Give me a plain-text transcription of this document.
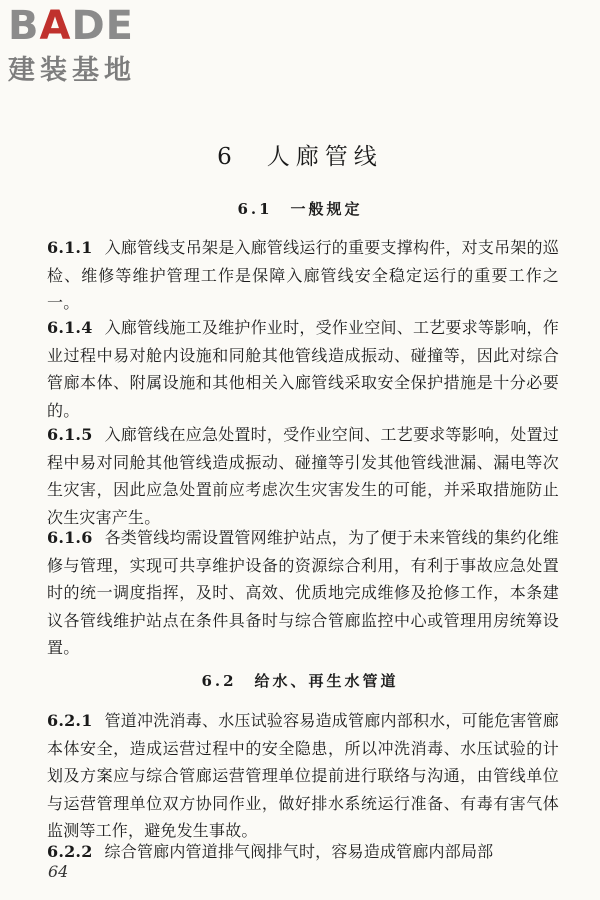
BADE
建装基地
6　人廊管线
6.1　一般规定
6.1.1 入廊管线支吊架是入廊管线运行的重要支撑构件，对支吊架的巡检、维修等维护管理工作是保障入廊管线安全稳定运行的重要工作之一。
6.1.4 入廊管线施工及维护作业时，受作业空间、工艺要求等影响，作业过程中易对舱内设施和同舱其他管线造成振动、碰撞等，因此对综合管廊本体、附属设施和其他相关入廊管线采取安全保护措施是十分必要的。
6.1.5 入廊管线在应急处置时，受作业空间、工艺要求等影响，处置过程中易对同舱其他管线造成振动、碰撞等引发其他管线泄漏、漏电等次生灾害，因此应急处置前应考虑次生灾害发生的可能，并采取措施防止次生灾害产生。
6.1.6 各类管线均需设置管网维护站点，为了便于未来管线的集约化维修与管理，实现可共享维护设备的资源综合利用，有利于事故应急处置时的统一调度指挥，及时、高效、优质地完成维修及抢修工作，本条建议各管线维护站点在条件具备时与综合管廊监控中心或管理用房统筹设置。
6.2　给水、再生水管道
6.2.1 管道冲洗消毒、水压试验容易造成管廊内部积水，可能危害管廊本体安全，造成运营过程中的安全隐患，所以冲洗消毒、水压试验的计划及方案应与综合管廊运营管理单位提前进行联络与沟通，由管线单位与运营管理单位双方协同作业，做好排水系统运行准备、有毒有害气体监测等工作，避免发生事故。
6.2.2 综合管廊内管道排气阀排气时，容易造成管廊内部局部
64
